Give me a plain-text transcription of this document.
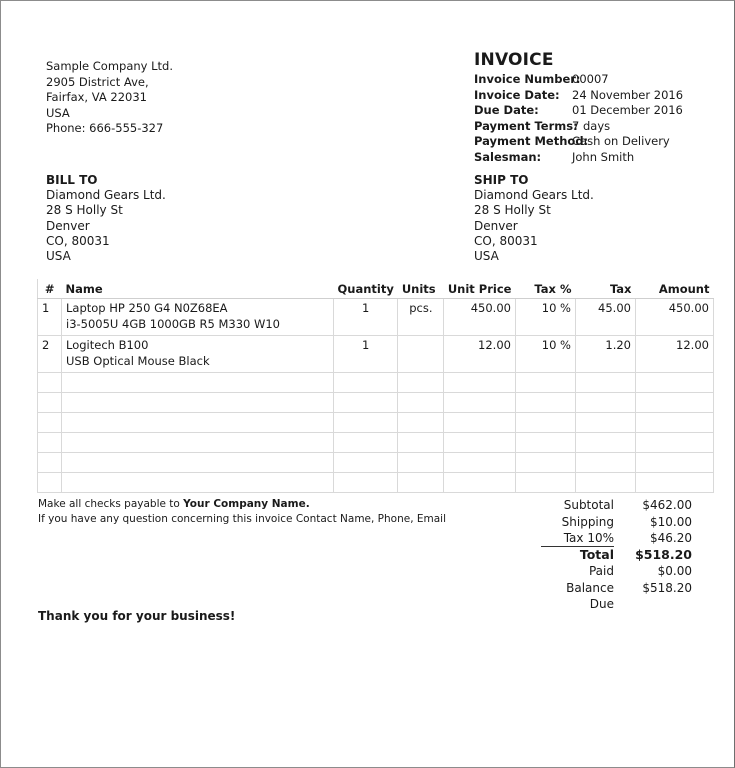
Sample Company Ltd.
2905 District Ave,
Fairfax, VA 22031
USA
Phone: 666-555-327
INVOICE
Invoice Number:
00007
Invoice Date:	24 November 2016
Due Date:	01 December 2016
Payment Terms:
7 days
Payment Method:
Cash on Delivery
Salesman:	John Smith
BILL TO
Diamond Gears Ltd.
28 S Holly St
Denver
CO, 80031
USA
SHIP TO
Diamond Gears Ltd.
28 S Holly St
Denver
CO, 80031
USA
#	Name	Quantity	Units	Unit Price	Tax %	Tax	Amount
1	Laptop HP 250 G4 N0Z68EA
i3-5005U 4GB 1000GB R5 M330 W10	1	pcs.	450.00	10 %	45.00	450.00
2	Logitech B100
USB Optical Mouse Black	1		12.00	10 %	1.20	12.00

Make all checks payable to Your Company Name.
If you have any question concerning this invoice Contact Name, Phone, Email
Subtotal	$462.00
Shipping	$10.00
Tax 10%	$46.20
Total	$518.20
Paid	$0.00
Balance Due
$518.20
Thank you for your business!
